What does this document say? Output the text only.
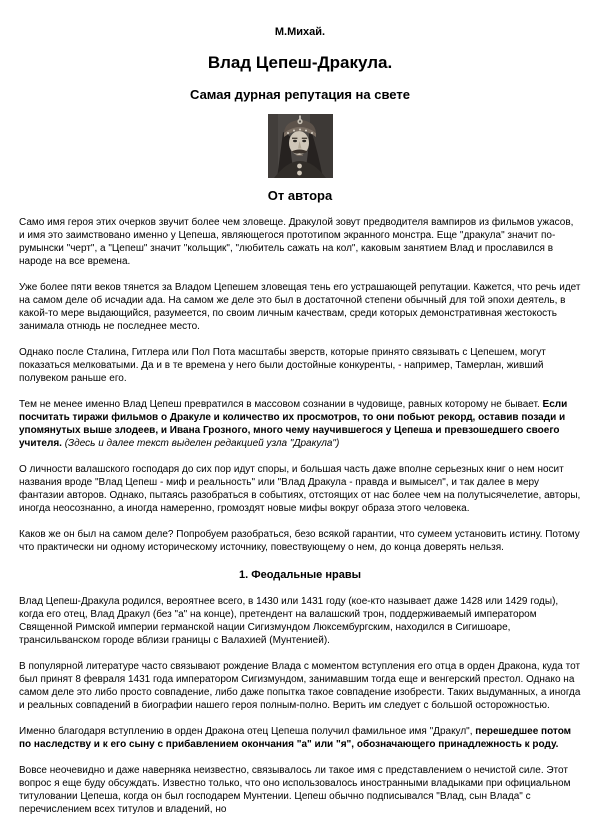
М.Михай.
Влад Цепеш-Дракула.
Самая дурная репутация на свете
От автора

Само имя героя этих очерков звучит более чем зловеще. Дракулой зовут предводителя вампиров из фильмов ужасов, и имя это заимствовано именно у Цепеша, являющегося прототипом экранного монстра. Еще "дракула" значит по-румынски "черт", а "Цепеш" значит "кольщик", "любитель сажать на кол", каковым занятием Влад и прославился в народе на все времена.

Уже более пяти веков тянется за Владом Цепешем зловещая тень его устрашающей репутации. Кажется, что речь идет на самом деле об исчадии ада. На самом же деле это был в достаточной степени обычный для той эпохи деятель, в какой-то мере выдающийся, разумеется, по своим личным качествам, среди которых демонстративная жестокость занимала отнюдь не последнее место.

Однако после Сталина, Гитлера или Пол Пота масштабы зверств, которые принято связывать с Цепешем, могут показаться мелковатыми. Да и в те времена у него были достойные конкуренты, - например, Тамерлан, живший полувеком раньше его.

Тем не менее именно Влад Цепеш превратился в массовом сознании в чудовище, равных которому не бывает. Если посчитать тиражи фильмов о Дракуле и количество их просмотров, то они побьют рекорд, оставив позади и упомянутых выше злодеев, и Ивана Грозного, много чему научившегося у Цепеша и превзошедшего своего учителя. (Здесь и далее текст выделен редакцией узла "Дракула")

О личности валашского господаря до сих пор идут споры, и большая часть даже вполне серьезных книг о нем носит названия вроде "Влад Цепеш - миф и реальность" или "Влад Дракула - правда и вымысел", и так далее в меру фантазии авторов. Однако, пытаясь разобраться в событиях, отстоящих от нас более чем на полутысячелетие, авторы, иногда неосознанно, а иногда намеренно, громоздят новые мифы вокруг образа этого человека.

Каков же он был на самом деле? Попробуем разобраться, безо всякой гарантии, что сумеем установить истину. Потому что практически ни одному историческому источнику, повествующему о нем, до конца доверять нельзя.

1. Феодальные нравы

Влад Цепеш-Дракула родился, вероятнее всего, в 1430 или 1431 году (кое-кто называет даже 1428 или 1429 годы), когда его отец, Влад Дракул (без "а" на конце), претендент на валашский трон, поддерживаемый императором Священной Римской империи германской нации Сигизмундом Люксембургским, находился в Сигишоаре, трансильванском городе вблизи границы с Валахией (Мунтенией).

В популярной литературе часто связывают рождение Влада с моментом вступления его отца в орден Дракона, куда тот был принят 8 февраля 1431 года императором Сигизмундом, занимавшим тогда еще и венгерский престол. Однако на самом деле это либо просто совпадение, либо даже попытка такое совпадение изобрести. Таких выдуманных, а иногда и реальных совпадений в биографии нашего героя полным-полно. Верить им следует с большой осторожностью.

Именно благодаря вступлению в орден Дракона отец Цепеша получил фамильное имя "Дракул", перешедшее потом по наследству и к его сыну с прибавлением окончания "а" или "я", обозначающего принадлежность к роду.

Вовсе неочевидно и даже наверняка неизвестно, связывалось ли такое имя с представлением о нечистой силе. Этот вопрос я еще буду обсуждать. Известно только, что оно использовалось иностранными владыками при официальном титуловании Цепеша, когда он был господарем Мунтении. Цепеш обычно подписывался "Влад, сын Влада" с перечислением всех титулов и владений, но
